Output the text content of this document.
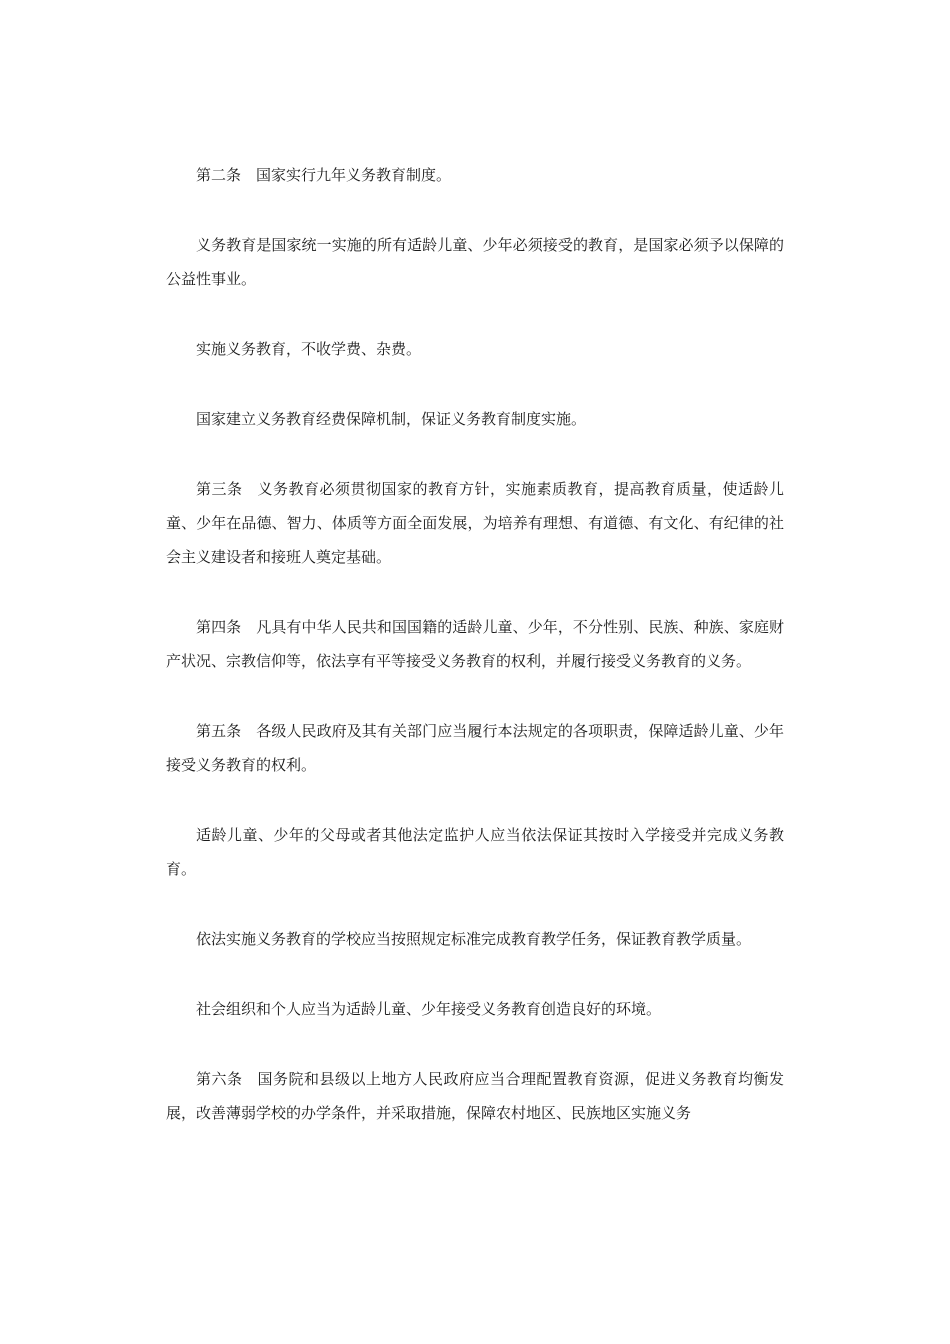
第二条 国家实行九年义务教育制度。

义务教育是国家统一实施的所有适龄儿童、少年必须接受的教育，是国家必须予以保障的公益性事业。

实施义务教育，不收学费、杂费。

国家建立义务教育经费保障机制，保证义务教育制度实施。

第三条 义务教育必须贯彻国家的教育方针，实施素质教育，提高教育质量，使适龄儿童、少年在品德、智力、体质等方面全面发展，为培养有理想、有道德、有文化、有纪律的社会主义建设者和接班人奠定基础。

第四条 凡具有中华人民共和国国籍的适龄儿童、少年，不分性别、民族、种族、家庭财产状况、宗教信仰等，依法享有平等接受义务教育的权利，并履行接受义务教育的义务。

第五条 各级人民政府及其有关部门应当履行本法规定的各项职责，保障适龄儿童、少年接受义务教育的权利。

适龄儿童、少年的父母或者其他法定监护人应当依法保证其按时入学接受并完成义务教育。

依法实施义务教育的学校应当按照规定标准完成教育教学任务，保证教育教学质量。

社会组织和个人应当为适龄儿童、少年接受义务教育创造良好的环境。

第六条 国务院和县级以上地方人民政府应当合理配置教育资源，促进义务教育均衡发展，改善薄弱学校的办学条件，并采取措施，保障农村地区、民族地区实施义务
